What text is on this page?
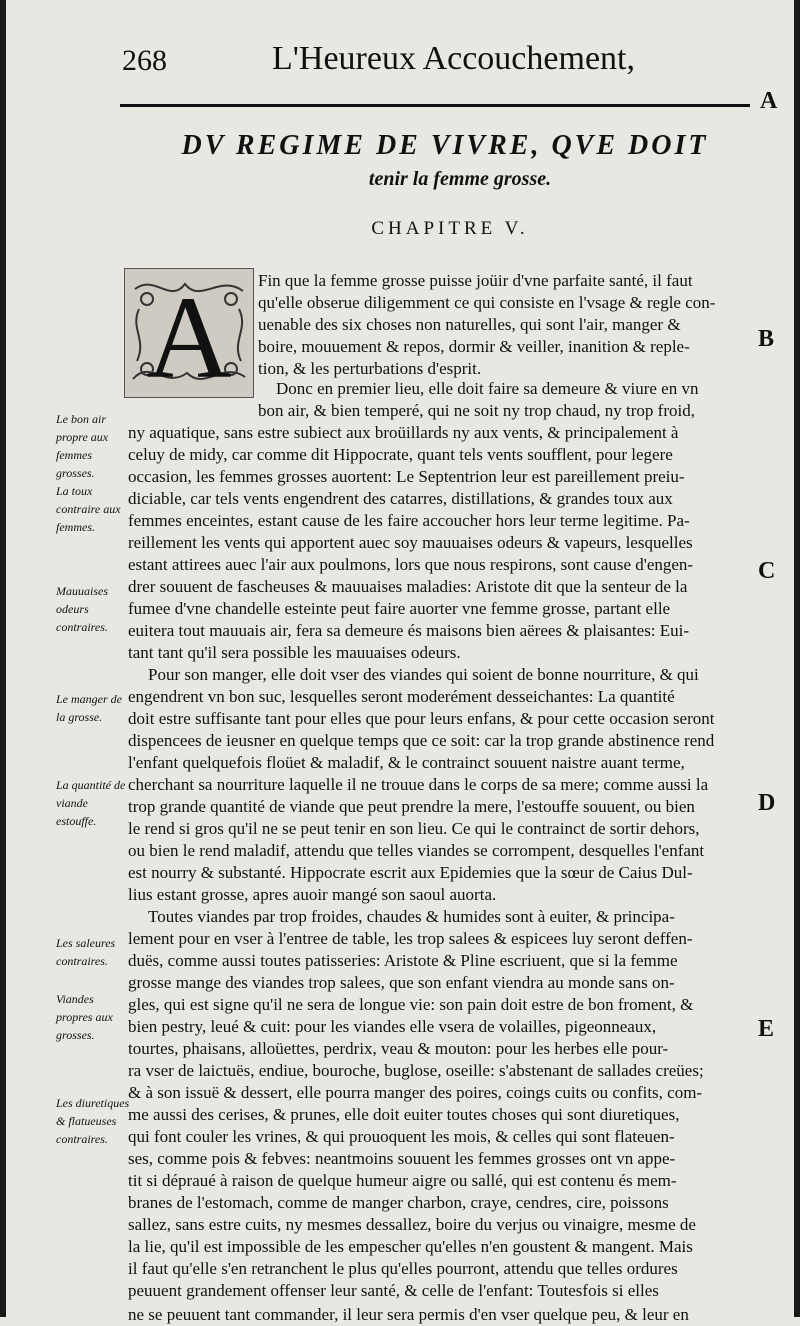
268	L'Heureux Accouchement,
A
B
C
D
E
DV REGIME DE VIVRE, QVE DOIT
tenir la femme grosse.
CHAPITRE V.
A Fin que la femme grosse puisse joüir d'vne parfaite santé, il faut
qu'elle obserue diligemment ce qui consiste en l'vsage & regle con-
uenable des six choses non naturelles, qui sont l'air, manger &
boire, mouuement & repos, dormir & veiller, inanition & reple-
tion, & les perturbations d'esprit.
Donc en premier lieu, elle doit faire sa demeure & viure en vn
bon air, & bien temperé, qui ne soit ny trop chaud, ny trop froid,
ny aquatique, sans estre subiect aux broüillards ny aux vents, & principalement à
celuy de midy, car comme dit Hippocrate, quant tels vents soufflent, pour legere
occasion, les femmes grosses auortent: Le Septentrion leur est pareillement preiu-
diciable, car tels vents engendrent des catarres, distillations, & grandes toux aux
femmes enceintes, estant cause de les faire accoucher hors leur terme legitime. Pa-
reillement les vents qui apportent auec soy mauuaises odeurs & vapeurs, lesquelles
estant attirees auec l'air aux poulmons, lors que nous respirons, sont cause d'engen-
drer souuent de fascheuses & mauuaises maladies: Aristote dit que la senteur de la
fumee d'vne chandelle esteinte peut faire auorter vne femme grosse, partant elle
euitera tout mauuais air, fera sa demeure és maisons bien aërees & plaisantes: Eui-
tant tant qu'il sera possible les mauuaises odeurs.
Pour son manger, elle doit vser des viandes qui soient de bonne nourriture, & qui
engendrent vn bon suc, lesquelles seront moderément desseichantes: La quantité
doit estre suffisante tant pour elles que pour leurs enfans, & pour cette occasion seront
dispencees de ieusner en quelque temps que ce soit: car la trop grande abstinence rend
l'enfant quelquefois floüet & maladif, & le contrainct souuent naistre auant terme,
cherchant sa nourriture laquelle il ne trouue dans le corps de sa mere; comme aussi la
trop grande quantité de viande que peut prendre la mere, l'estouffe souuent, ou bien
le rend si gros qu'il ne se peut tenir en son lieu. Ce qui le contrainct de sortir dehors,
ou bien le rend maladif, attendu que telles viandes se corrompent, desquelles l'enfant
est nourry & substanté. Hippocrate escrit aux Epidemies que la sœur de Caius Dul-
lius estant grosse, apres auoir mangé son saoul auorta.
Toutes viandes par trop froides, chaudes & humides sont à euiter, & principa-
lement pour en vser à l'entree de table, les trop salees & espicees luy seront deffen-
duës, comme aussi toutes patisseries: Aristote & Pline escriuent, que si la femme
grosse mange des viandes trop salees, que son enfant viendra au monde sans on-
gles, qui est signe qu'il ne sera de longue vie: son pain doit estre de bon froment, &
bien pestry, leué & cuit: pour les viandes elle vsera de volailles, pigeonneaux,
tourtes, phaisans, alloüettes, perdrix, veau & mouton: pour les herbes elle pour-
ra vser de laictuës, endiue, bouroche, buglose, oseille: s'abstenant de sallades creües;
& à son issuë & dessert, elle pourra manger des poires, coings cuits ou confits, com-
me aussi des cerises, & prunes, elle doit euiter toutes choses qui sont diuretiques,
qui font couler les vrines, & qui prouoquent les mois, & celles qui sont flateuen-
ses, comme pois & febves: neantmoins souuent les femmes grosses ont vn appe-
tit si dépraué à raison de quelque humeur aigre ou sallé, qui est contenu és mem-
branes de l'estomach, comme de manger charbon, craye, cendres, cire, poissons
sallez, sans estre cuits, ny mesmes dessallez, boire du verjus ou vinaigre, mesme de
la lie, qu'il est impossible de les empescher qu'elles n'en goustent & mangent. Mais
il faut qu'elle s'en retranchent le plus qu'elles pourront, attendu que telles ordures
peuuent grandement offenser leur santé, & celle de l'enfant: Toutesfois si elles
ne se peuuent tant commander, il leur sera permis d'en vser quelque peu, & leur en
Le bon air propre aux femmes grosses.
La toux contraire aux femmes.
Mauuaises odeurs contraires.
Le manger de la grosse.
La quantité de viande estouffe.
Les saleures contraires.
Viandes propres aux grosses.
Les diuretiques & flatueuses contraires.
